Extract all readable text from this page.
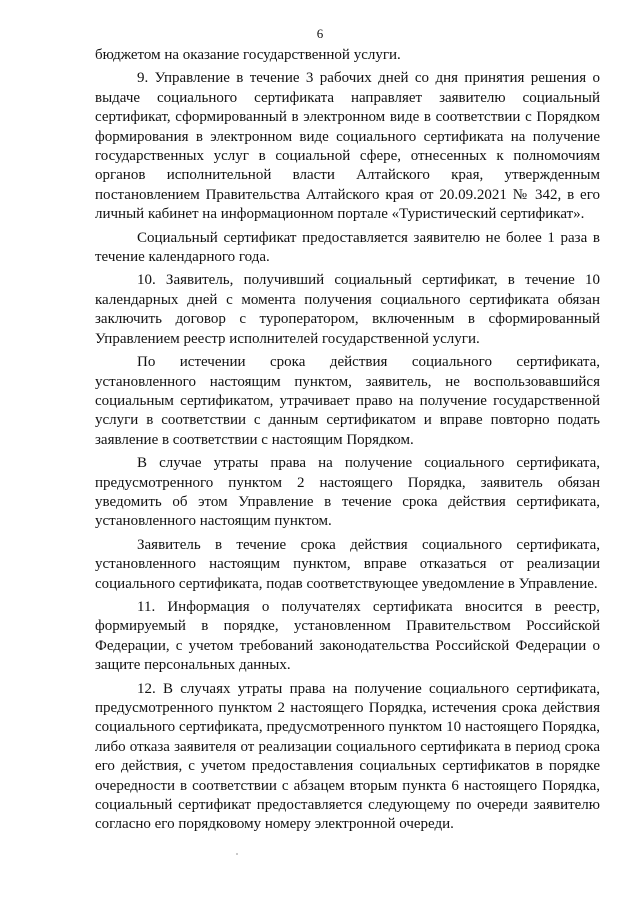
6

бюджетом на оказание государственной услуги.

9. Управление в течение 3 рабочих дней со дня принятия решения о выдаче социального сертификата направляет заявителю социальный сертификат, сформированный в электронном виде в соответствии с Порядком формирования в электронном виде социального сертификата на получение государственных услуг в социальной сфере, отнесенных к полномочиям органов исполнительной власти Алтайского края, утвержденным постановлением Правительства Алтайского края от 20.09.2021 № 342, в его личный кабинет на информационном портале «Туристический сертификат».

Социальный сертификат предоставляется заявителю не более 1 раза в течение календарного года.

10. Заявитель, получивший социальный сертификат, в течение 10 календарных дней с момента получения социального сертификата обязан заключить договор с туроператором, включенным в сформированный Управлением реестр исполнителей государственной услуги.

По истечении срока действия социального сертификата, установленного настоящим пунктом, заявитель, не воспользовавшийся социальным сертификатом, утрачивает право на получение государственной услуги в соответствии с данным сертификатом и вправе повторно подать заявление в соответствии с настоящим Порядком.

В случае утраты права на получение социального сертификата, предусмотренного пунктом 2 настоящего Порядка, заявитель обязан уведомить об этом Управление в течение срока действия сертификата, установленного настоящим пунктом.

Заявитель в течение срока действия социального сертификата, установленного настоящим пунктом, вправе отказаться от реализации социального сертификата, подав соответствующее уведомление в Управление.

11. Информация о получателях сертификата вносится в реестр, формируемый в порядке, установленном Правительством Российской Федерации, с учетом требований законодательства Российской Федерации о защите персональных данных.

12. В случаях утраты права на получение социального сертификата, предусмотренного пунктом 2 настоящего Порядка, истечения срока действия социального сертификата, предусмотренного пунктом 10 настоящего Порядка, либо отказа заявителя от реализации социального сертификата в период срока его действия, с учетом предоставления социальных сертификатов в порядке очередности в соответствии с абзацем вторым пункта 6 настоящего Порядка, социальный сертификат предоставляется следующему по очереди заявителю согласно его порядковому номеру электронной очереди.
